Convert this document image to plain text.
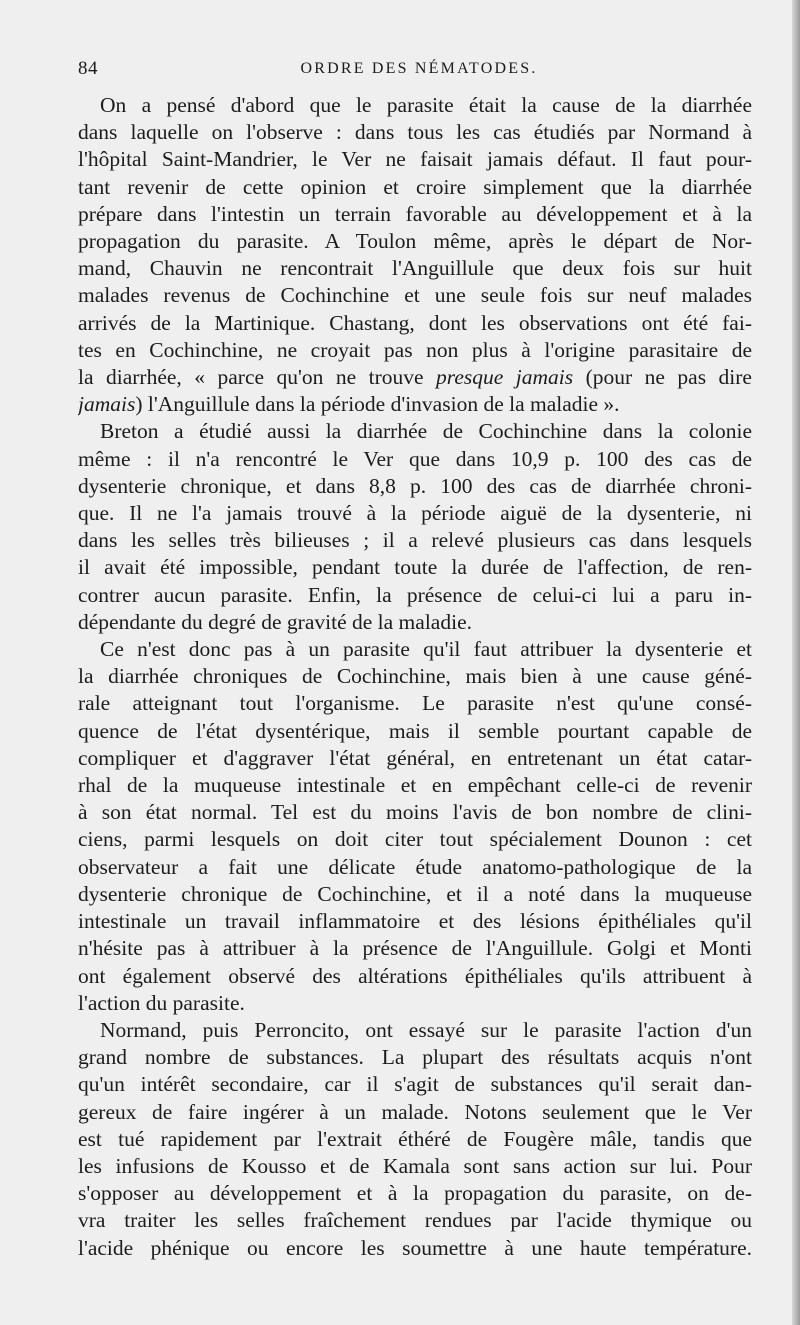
84	ORDRE DES NÉMATODES.

On a pensé d'abord que le parasite était la cause de la diarrhée
dans laquelle on l'observe : dans tous les cas étudiés par Normand à
l'hôpital Saint-Mandrier, le Ver ne faisait jamais défaut. Il faut pour-
tant revenir de cette opinion et croire simplement que la diarrhée
prépare dans l'intestin un terrain favorable au développement et à la
propagation du parasite. A Toulon même, après le départ de Nor-
mand, Chauvin ne rencontrait l'Anguillule que deux fois sur huit
malades revenus de Cochinchine et une seule fois sur neuf malades
arrivés de la Martinique. Chastang, dont les observations ont été fai-
tes en Cochinchine, ne croyait pas non plus à l'origine parasitaire de
la diarrhée, « parce qu'on ne trouve presque jamais (pour ne pas dire
jamais) l'Anguillule dans la période d'invasion de la maladie ».

Breton a étudié aussi la diarrhée de Cochinchine dans la colonie
même : il n'a rencontré le Ver que dans 10,9 p. 100 des cas de
dysenterie chronique, et dans 8,8 p. 100 des cas de diarrhée chroni-
que. Il ne l'a jamais trouvé à la période aiguë de la dysenterie, ni
dans les selles très bilieuses ; il a relevé plusieurs cas dans lesquels
il avait été impossible, pendant toute la durée de l'affection, de ren-
contrer aucun parasite. Enfin, la présence de celui-ci lui a paru in-
dépendante du degré de gravité de la maladie.

Ce n'est donc pas à un parasite qu'il faut attribuer la dysenterie et
la diarrhée chroniques de Cochinchine, mais bien à une cause géné-
rale atteignant tout l'organisme. Le parasite n'est qu'une consé-
quence de l'état dysentérique, mais il semble pourtant capable de
compliquer et d'aggraver l'état général, en entretenant un état catar-
rhal de la muqueuse intestinale et en empêchant celle-ci de revenir
à son état normal. Tel est du moins l'avis de bon nombre de clini-
ciens, parmi lesquels on doit citer tout spécialement Dounon : cet
observateur a fait une délicate étude anatomo-pathologique de la
dysenterie chronique de Cochinchine, et il a noté dans la muqueuse
intestinale un travail inflammatoire et des lésions épithéliales qu'il
n'hésite pas à attribuer à la présence de l'Anguillule. Golgi et Monti
ont également observé des altérations épithéliales qu'ils attribuent à
l'action du parasite.

Normand, puis Perroncito, ont essayé sur le parasite l'action d'un
grand nombre de substances. La plupart des résultats acquis n'ont
qu'un intérêt secondaire, car il s'agit de substances qu'il serait dan-
gereux de faire ingérer à un malade. Notons seulement que le Ver
est tué rapidement par l'extrait éthéré de Fougère mâle, tandis que
les infusions de Kousso et de Kamala sont sans action sur lui. Pour
s'opposer au développement et à la propagation du parasite, on de-
vra traiter les selles fraîchement rendues par l'acide thymique ou
l'acide phénique ou encore les soumettre à une haute température.
